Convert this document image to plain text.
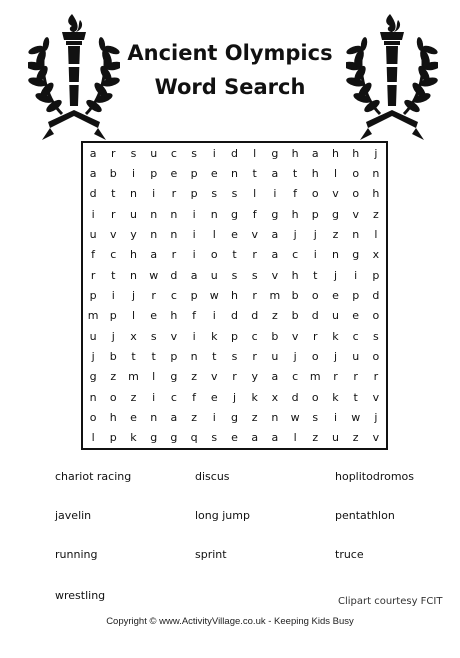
Ancient Olympics
Word Search
a	r	s	u	c	s	i	d	l	g	h	a	h	h	j
a	b	i	p	e	p	e	n	t	a	t	h	l	o	n
d	t	n	i	r	p	s	s	l	i	f	o	v	o	h
i	r	u	n	n	i	n	g	f	g	h	p	g	v	z
u	v	y	n	n	i	l	e	v	a	j	j	z	n	l
f	c	h	a	r	i	o	t	r	a	c	i	n	g	x
r	t	n	w	d	a	u	s	s	v	h	t	j	i	p
p	i	j	r	c	p	w	h	r	m	b	o	e	p	d
m	p	l	e	h	f	i	d	d	z	b	d	u	e	o
u	j	x	s	v	i	k	p	c	b	v	r	k	c	s
j	b	t	t	p	n	t	s	r	u	j	o	j	u	o
g	z	m	l	g	z	v	r	y	a	c	m	r	r	r
n	o	z	i	c	f	e	j	k	x	d	o	k	t	v
o	h	e	n	a	z	i	g	z	n	w	s	i	w	j
l	p	k	g	g	q	s	e	a	a	l	z	u	z	v
chariot racing	discus	hoplitodromos
javelin	long jump	pentathlon
running	sprint	truce
wrestling	Clipart courtesy FCIT
Copyright © www.ActivityVillage.co.uk - Keeping Kids Busy
